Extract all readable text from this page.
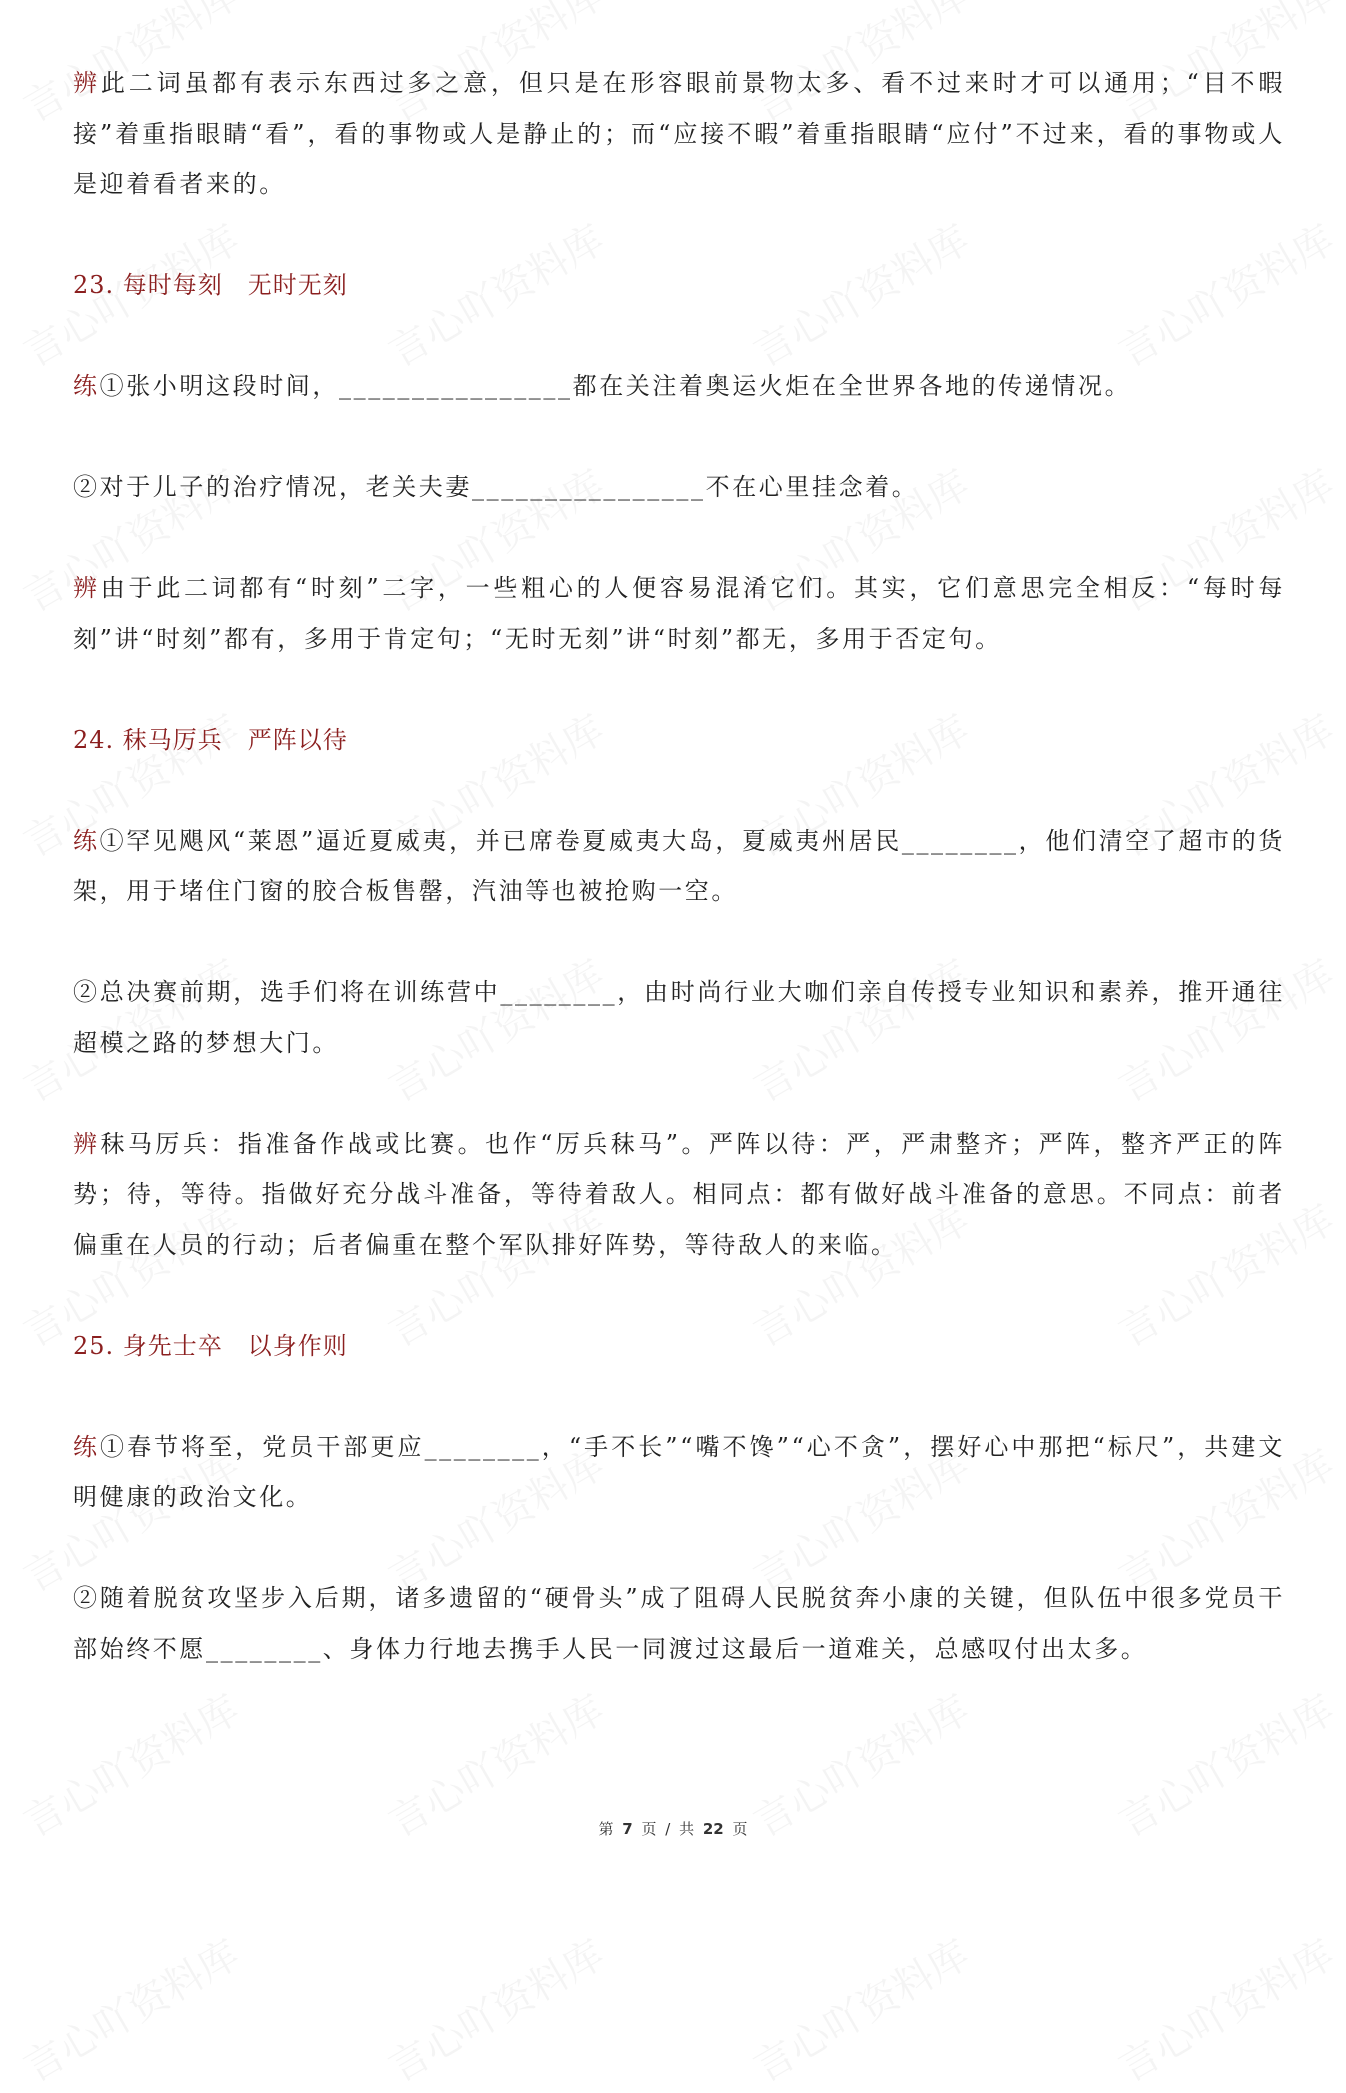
辨此二词虽都有表示东西过多之意，但只是在形容眼前景物太多、看不过来时才可以通用；“目不暇接”着重指眼睛“看”，看的事物或人是静止的；而“应接不暇”着重指眼睛“应付”不过来，看的事物或人是迎着看者来的。
23. 每时每刻　无时无刻
练①张小明这段时间，________________都在关注着奥运火炬在全世界各地的传递情况。
②对于儿子的治疗情况，老关夫妻________________不在心里挂念着。
辨由于此二词都有“时刻”二字，一些粗心的人便容易混淆它们。其实，它们意思完全相反：“每时每刻”讲“时刻”都有，多用于肯定句；“无时无刻”讲“时刻”都无，多用于否定句。
24. 秣马厉兵　严阵以待
练①罕见飓风“莱恩”逼近夏威夷，并已席卷夏威夷大岛，夏威夷州居民________，他们清空了超市的货架，用于堵住门窗的胶合板售罄，汽油等也被抢购一空。
②总决赛前期，选手们将在训练营中________，由时尚行业大咖们亲自传授专业知识和素养，推开通往超模之路的梦想大门。
辨秣马厉兵：指准备作战或比赛。也作“厉兵秣马”。严阵以待：严，严肃整齐；严阵，整齐严正的阵势；待，等待。指做好充分战斗准备，等待着敌人。相同点：都有做好战斗准备的意思。不同点：前者偏重在人员的行动；后者偏重在整个军队排好阵势，等待敌人的来临。
25. 身先士卒　以身作则
练①春节将至，党员干部更应________，“手不长”“嘴不馋”“心不贪”，摆好心中那把“标尺”，共建文明健康的政治文化。
②随着脱贫攻坚步入后期，诸多遗留的“硬骨头”成了阻碍人民脱贫奔小康的关键，但队伍中很多党员干部始终不愿________、身体力行地去携手人民一同渡过这最后一道难关，总感叹付出太多。
第 7 页 / 共 22 页
